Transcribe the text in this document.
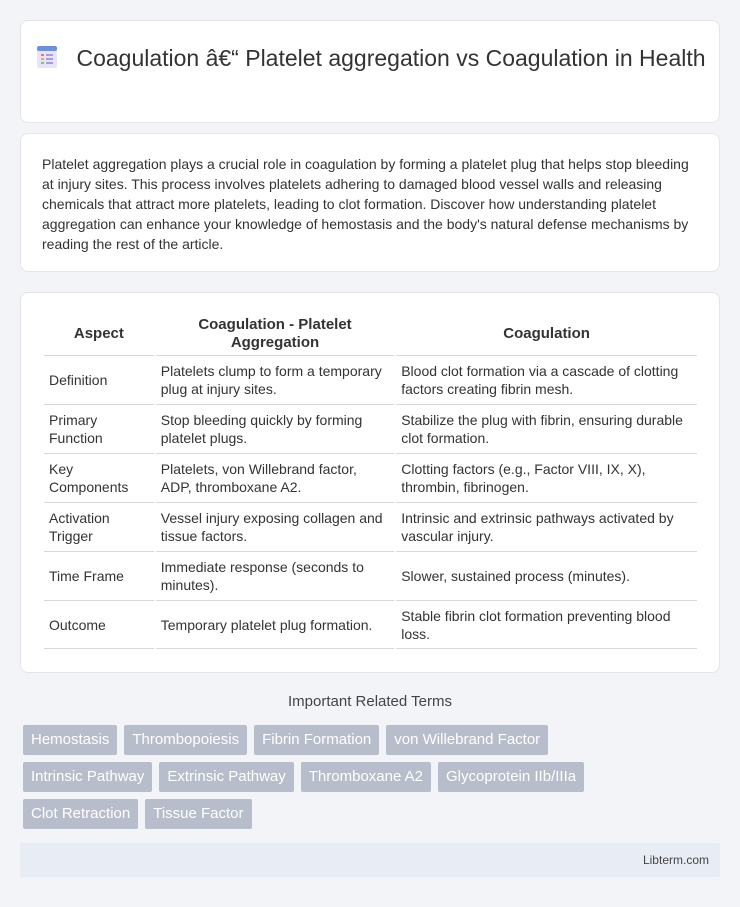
Coagulation â€“ Platelet aggregation vs Coagulation in Health

Platelet aggregation plays a crucial role in coagulation by forming a platelet plug that helps stop bleeding at injury sites. This process involves platelets adhering to damaged blood vessel walls and releasing chemicals that attract more platelets, leading to clot formation. Discover how understanding platelet aggregation can enhance your knowledge of hemostasis and the body's natural defense mechanisms by reading the rest of the article.

Aspect	Coagulation - Platelet Aggregation	Coagulation
Definition	Platelets clump to form a temporary plug at injury sites.	Blood clot formation via a cascade of clotting factors creating fibrin mesh.
Primary Function	Stop bleeding quickly by forming platelet plugs.	Stabilize the plug with fibrin, ensuring durable clot formation.
Key Components	Platelets, von Willebrand factor, ADP, thromboxane A2.	Clotting factors (e.g., Factor VIII, IX, X), thrombin, fibrinogen.
Activation Trigger	Vessel injury exposing collagen and tissue factors.	Intrinsic and extrinsic pathways activated by vascular injury.
Time Frame	Immediate response (seconds to minutes).	Slower, sustained process (minutes).
Outcome	Temporary platelet plug formation.	Stable fibrin clot formation preventing blood loss.
Important Related Terms
Hemostasis	Thrombopoiesis	Fibrin Formation	von Willebrand Factor
Intrinsic Pathway	Extrinsic Pathway	Thromboxane A2	Glycoprotein IIb/IIIa
Clot Retraction	Tissue Factor
Libterm.com
